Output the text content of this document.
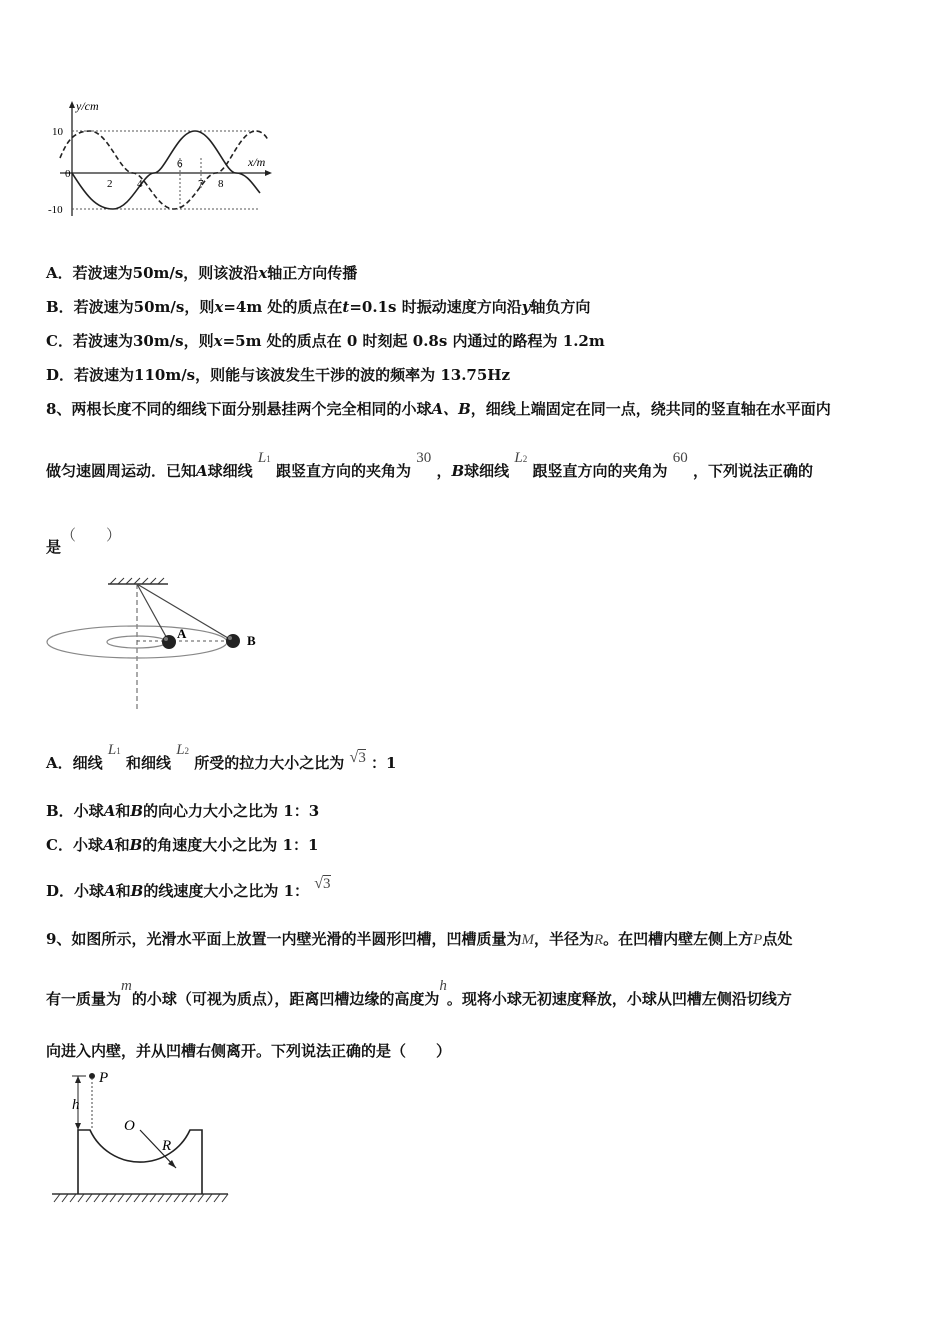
y/cm
x/m
10
-10
0
2 4
6
7 8
A．若波速为50m/s，则该波沿x轴正方向传播
B．若波速为50m/s，则x=4m 处的质点在t=0.1s 时振动速度方向沿y轴负方向
C．若波速为30m/s，则x=5m 处的质点在 0 时刻起 0.8s 内通过的路程为 1.2m
D．若波速为110m/s，则能与该波发生干涉的波的频率为 13.75Hz
8、两根长度不同的细线下面分别悬挂两个完全相同的小球A、B，细线上端固定在同一点，绕共同的竖直轴在水平面内
做匀速圆周运动．已知A球细线 L1 跟竖直方向的夹角为 30 ，B球细线 L2 跟竖直方向的夹角为 60 ，下列说法正确的
是（　　）
A	B
A．细线 L1 和细线 L2 所受的拉力大小之比为 √3 ：1
B．小球A和B的向心力大小之比为 1：3
C．小球A和B的角速度大小之比为 1：1
D．小球A和B的线速度大小之比为 1： √3
9、如图所示，光滑水平面上放置一内壁光滑的半圆形凹槽，凹槽质量为M，半径为R。在凹槽内壁左侧上方P点处
有一质量为m的小球（可视为质点），距离凹槽边缘的高度为h。现将小球无初速度释放，小球从凹槽左侧沿切线方
向进入内壁，并从凹槽右侧离开。下列说法正确的是（　　）
P
h
O
R
